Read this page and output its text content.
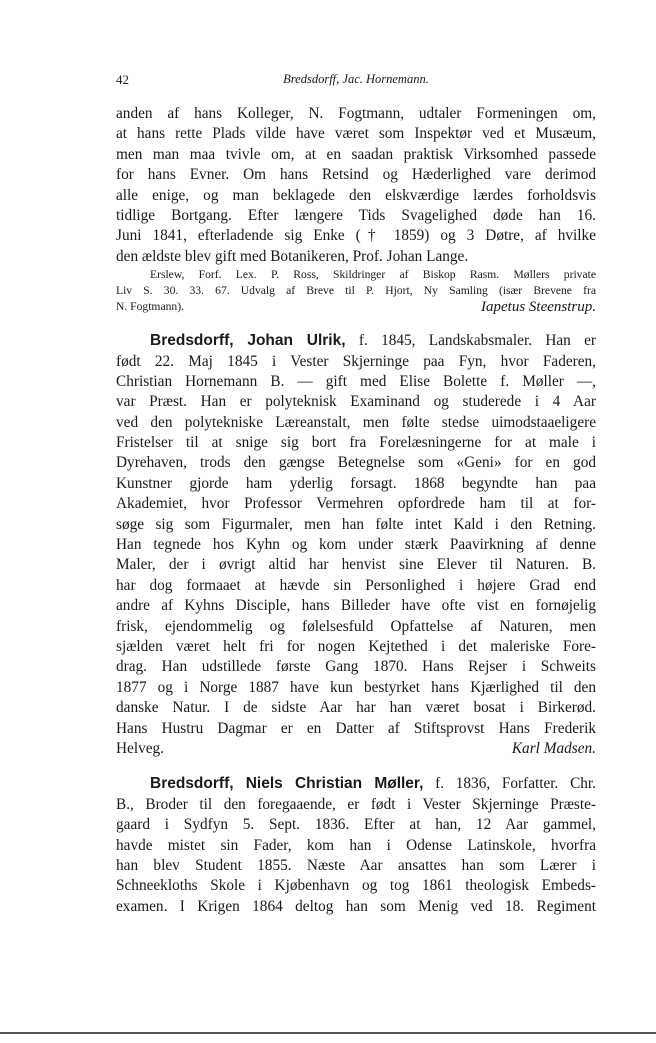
42	Bredsdorff, Jac. Hornemann.
anden af hans Kolleger, N. Fogtmann, udtaler Formeningen om,
at hans rette Plads vilde have været som Inspektør ved et Musæum,
men man maa tvivle om, at en saadan praktisk Virksomhed passede
for hans Evner. Om hans Retsind og Hæderlighed vare derimod
alle enige, og man beklagede den elskværdige lærdes forholdsvis
tidlige Bortgang. Efter længere Tids Svagelighed døde han 16.
Juni 1841, efterladende sig Enke († 1859) og 3 Døtre, af hvilke
den ældste blev gift med Botanikeren, Prof. Johan Lange.
Erslew, Forf. Lex. P. Ross, Skildringer af Biskop Rasm. Møllers private
Liv S. 30. 33. 67. Udvalg af Breve til P. Hjort, Ny Samling (især Brevene fra
N. Fogtmann).	Iapetus Steenstrup.
Bredsdorff, Johan Ulrik, f. 1845, Landskabsmaler. Han er
født 22. Maj 1845 i Vester Skjerninge paa Fyn, hvor Faderen,
Christian Hornemann B. — gift med Elise Bolette f. Møller —,
var Præst. Han er polyteknisk Examinand og studerede i 4 Aar
ved den polytekniske Læreanstalt, men følte stedse uimodstaaeligere
Fristelser til at snige sig bort fra Forelæsningerne for at male i
Dyrehaven, trods den gængse Betegnelse som «Geni» for en god
Kunstner gjorde ham yderlig forsagt. 1868 begyndte han paa
Akademiet, hvor Professor Vermehren opfordrede ham til at for-
søge sig som Figurmaler, men han følte intet Kald i den Retning.
Han tegnede hos Kyhn og kom under stærk Paavirkning af denne
Maler, der i øvrigt altid har henvist sine Elever til Naturen. B.
har dog formaaet at hævde sin Personlighed i højere Grad end
andre af Kyhns Disciple, hans Billeder have ofte vist en fornøjelig
frisk, ejendommelig og følelsesfuld Opfattelse af Naturen, men
sjælden været helt fri for nogen Kejtethed i det maleriske Fore-
drag. Han udstillede første Gang 1870. Hans Rejser i Schweits
1877 og i Norge 1887 have kun bestyrket hans Kjærlighed til den
danske Natur. I de sidste Aar har han været bosat i Birkerød.
Hans Hustru Dagmar er en Datter af Stiftsprovst Hans Frederik
Helveg.	Karl Madsen.
Bredsdorff, Niels Christian Møller, f. 1836, Forfatter. Chr.
B., Broder til den foregaaende, er født i Vester Skjerninge Præste-
gaard i Sydfyn 5. Sept. 1836. Efter at han, 12 Aar gammel,
havde mistet sin Fader, kom han i Odense Latinskole, hvorfra
han blev Student 1855. Næste Aar ansattes han som Lærer i
Schneekloths Skole i Kjøbenhavn og tog 1861 theologisk Embeds-
examen. I Krigen 1864 deltog han som Menig ved 18. Regiment
